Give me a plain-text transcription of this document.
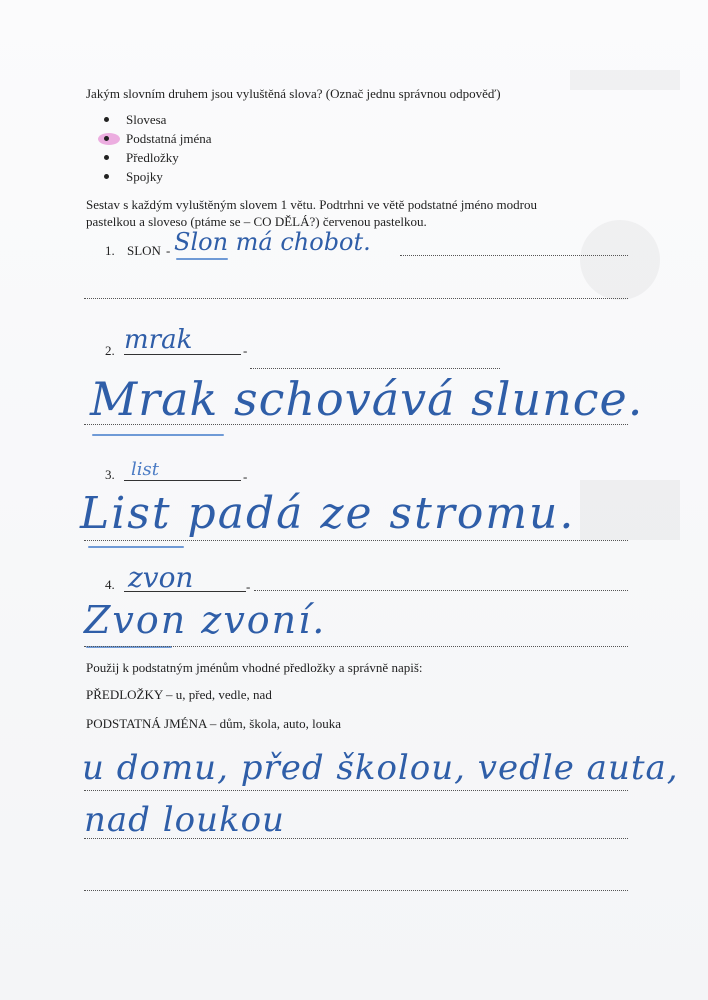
Jakým slovním druhem jsou vyluštěná slova? (Označ jednu správnou odpověď)
Slovesa
Podstatná jména
Předložky
Spojky
Sestav s každým vyluštěným slovem 1 větu. Podtrhni ve větě podstatné jméno modrou
pastelkou a sloveso (ptáme se – CO DĚLÁ?) červenou pastelkou.
1. SLON - Slon má chobot.
2. mrak	-
Mrak schovává slunce.
3. list	-
List padá ze stromu.
4. zvon	-
Zvon zvoní.
Použij k podstatným jménům vhodné předložky a správně napiš:
PŘEDLOŽKY – u, před, vedle, nad
PODSTATNÁ JMÉNA – dům, škola, auto, louka
u domu, před školou, vedle auta,
nad loukou
